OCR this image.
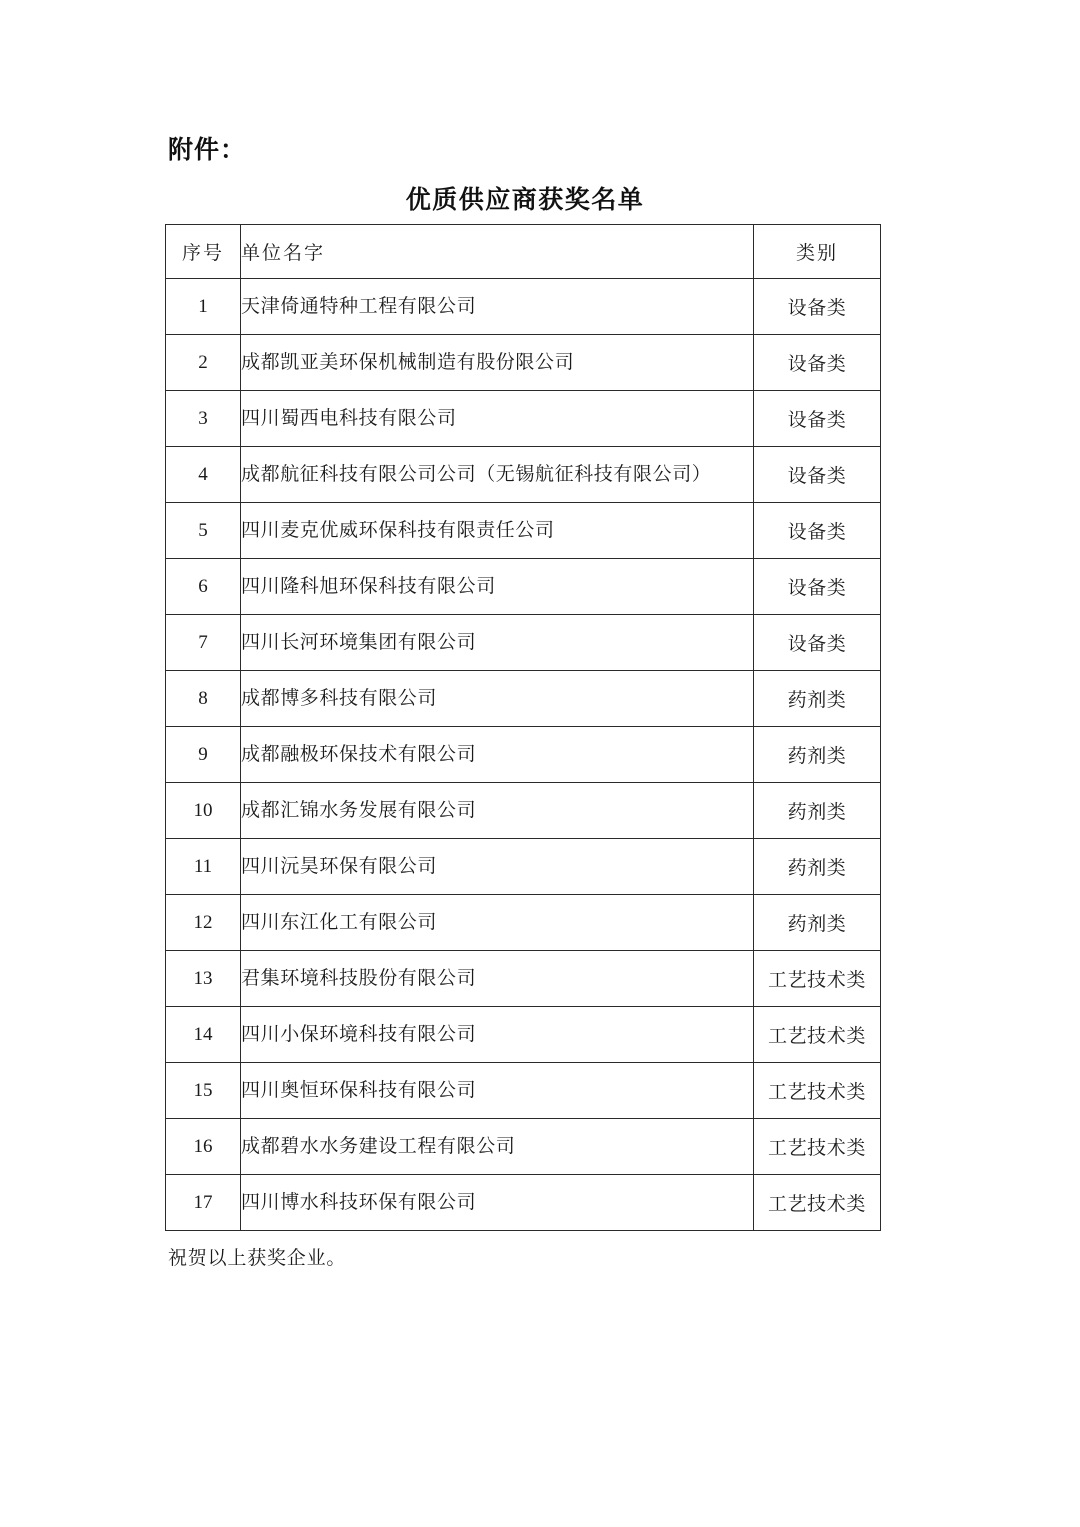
附件：
优质供应商获奖名单
序号	单位名字	类别
1	天津倚通特种工程有限公司	设备类
2	成都凯亚美环保机械制造有股份限公司	设备类
3	四川蜀西电科技有限公司	设备类
4	成都航征科技有限公司公司（无锡航征科技有限公司）	设备类
5	四川麦克优威环保科技有限责任公司	设备类
6	四川隆科旭环保科技有限公司	设备类
7	四川长河环境集团有限公司	设备类
8	成都博多科技有限公司	药剂类
9	成都融极环保技术有限公司	药剂类
10	成都汇锦水务发展有限公司	药剂类
11	四川沅昊环保有限公司	药剂类
12	四川东江化工有限公司	药剂类
13	君集环境科技股份有限公司	工艺技术类
14	四川小保环境科技有限公司	工艺技术类
15	四川奥恒环保科技有限公司	工艺技术类
16	成都碧水水务建设工程有限公司	工艺技术类
17	四川博水科技环保有限公司	工艺技术类
祝贺以上获奖企业。
